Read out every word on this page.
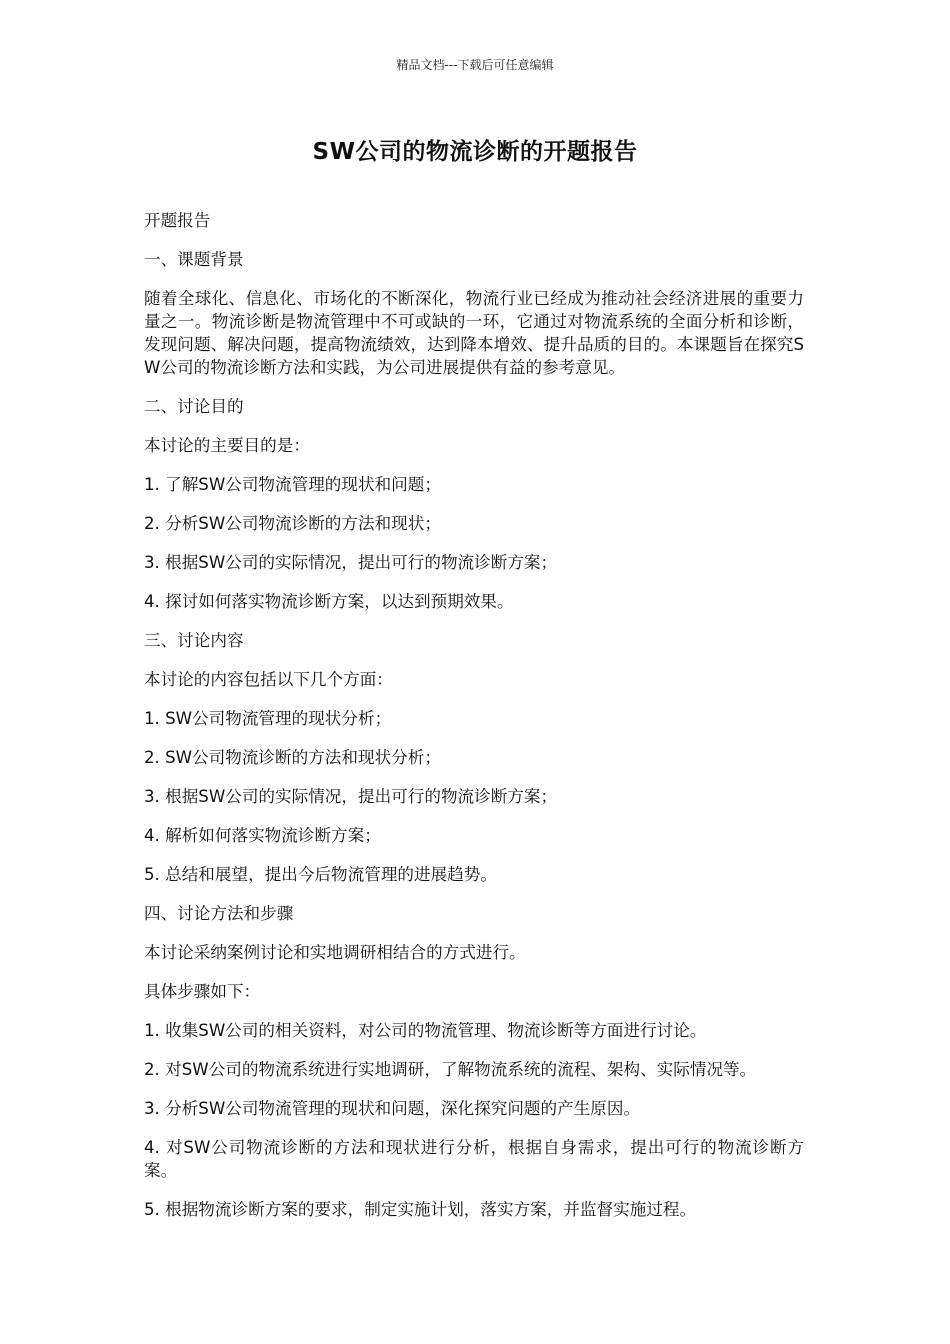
精品文档---下载后可任意编辑
SW公司的物流诊断的开题报告

开题报告

一、课题背景

随着全球化、信息化、市场化的不断深化，物流行业已经成为推动社会经济进展的重要力量之一。物流诊断是物流管理中不可或缺的一环，它通过对物流系统的全面分析和诊断，发现问题、解决问题，提高物流绩效，达到降本增效、提升品质的目的。本课题旨在探究SW公司的物流诊断方法和实践，为公司进展提供有益的参考意见。

二、讨论目的

本讨论的主要目的是：

1. 了解SW公司物流管理的现状和问题；

2. 分析SW公司物流诊断的方法和现状；

3. 根据SW公司的实际情况，提出可行的物流诊断方案；

4. 探讨如何落实物流诊断方案，以达到预期效果。

三、讨论内容

本讨论的内容包括以下几个方面：

1. SW公司物流管理的现状分析；

2. SW公司物流诊断的方法和现状分析；

3. 根据SW公司的实际情况，提出可行的物流诊断方案；

4. 解析如何落实物流诊断方案；

5. 总结和展望，提出今后物流管理的进展趋势。

四、讨论方法和步骤

本讨论采纳案例讨论和实地调研相结合的方式进行。

具体步骤如下：

1. 收集SW公司的相关资料，对公司的物流管理、物流诊断等方面进行讨论。

2. 对SW公司的物流系统进行实地调研，了解物流系统的流程、架构、实际情况等。

3. 分析SW公司物流管理的现状和问题，深化探究问题的产生原因。

4. 对SW公司物流诊断的方法和现状进行分析，根据自身需求，提出可行的物流诊断方案。

5. 根据物流诊断方案的要求，制定实施计划，落实方案，并监督实施过程。
